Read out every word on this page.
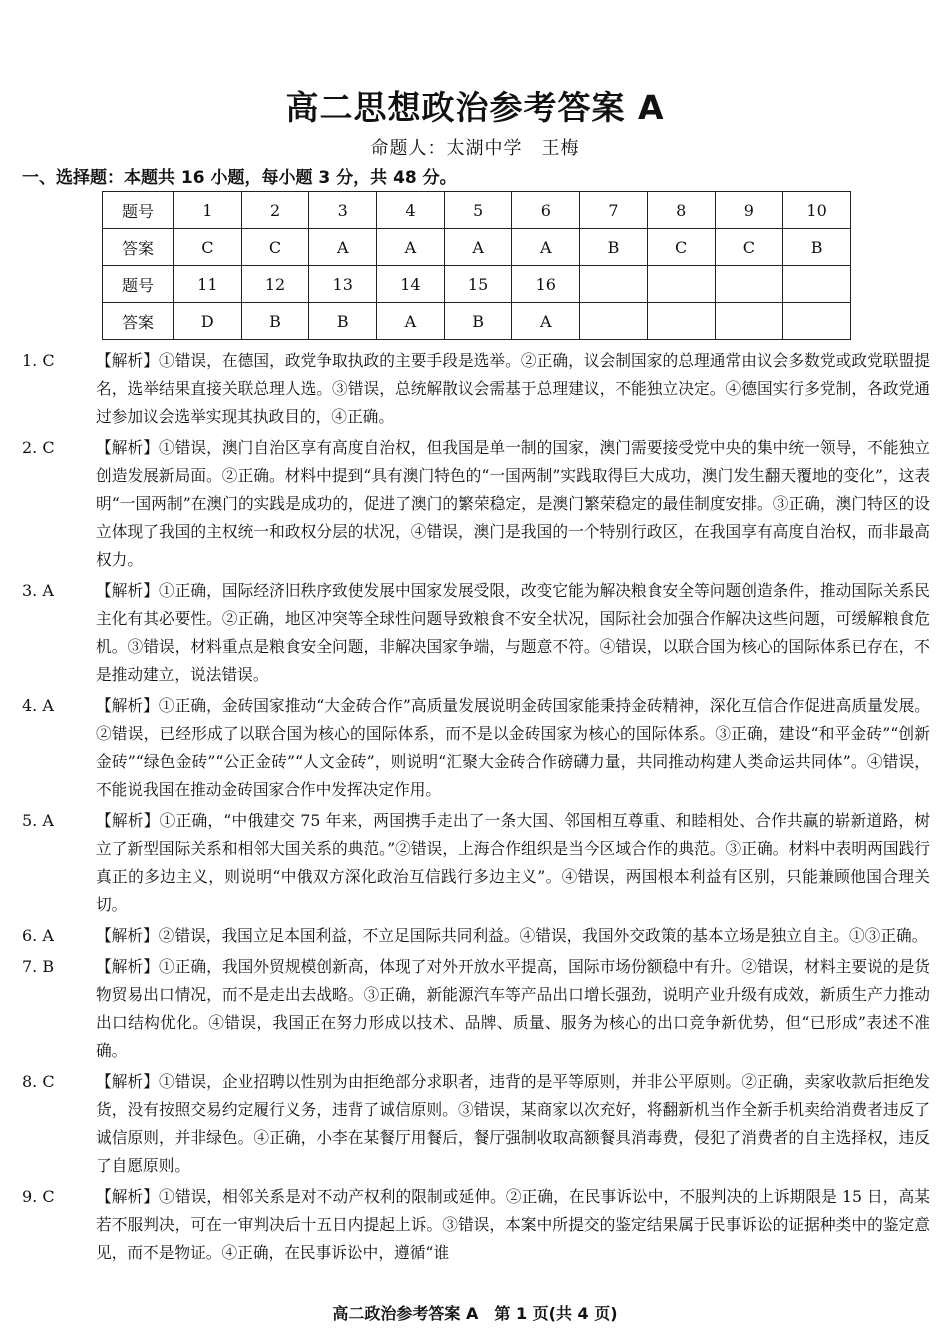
高二思想政治参考答案 A
命题人：太湖中学　王梅
一、选择题：本题共 16 小题，每小题 3 分，共 48 分。
题号	1	2	3	4	5	6	7	8	9	10
答案	C	C	A	A	A	A	B	C	C	B
题号	11	12	13	14	15	16				
答案	D	B	B	A	B	A				
1. C	【解析】①错误，在德国，政党争取执政的主要手段是选举。②正确，议会制国家的总理通常由议会多数党或政党联盟提名，选举结果直接关联总理人选。③错误，总统解散议会需基于总理建议，不能独立决定。④德国实行多党制，各政党通过参加议会选举实现其执政目的，④正确。
2. C	【解析】①错误，澳门自治区享有高度自治权，但我国是单一制的国家，澳门需要接受党中央的集中统一领导，不能独立创造发展新局面。②正确。材料中提到“具有澳门特色的“一国两制”实践取得巨大成功，澳门发生翻天覆地的变化”，这表明“一国两制”在澳门的实践是成功的，促进了澳门的繁荣稳定，是澳门繁荣稳定的最佳制度安排。③正确，澳门特区的设立体现了我国的主权统一和政权分层的状况，④错误，澳门是我国的一个特别行政区，在我国享有高度自治权，而非最高权力。
3. A	【解析】①正确，国际经济旧秩序致使发展中国家发展受限，改变它能为解决粮食安全等问题创造条件，推动国际关系民主化有其必要性。②正确，地区冲突等全球性问题导致粮食不安全状况，国际社会加强合作解决这些问题，可缓解粮食危机。③错误，材料重点是粮食安全问题，非解决国家争端，与题意不符。④错误，以联合国为核心的国际体系已存在，不是推动建立，说法错误。
4. A	【解析】①正确，金砖国家推动“大金砖合作”高质量发展说明金砖国家能秉持金砖精神，深化互信合作促进高质量发展。②错误，已经形成了以联合国为核心的国际体系，而不是以金砖国家为核心的国际体系。③正确，建设“和平金砖”“创新金砖”“绿色金砖”“公正金砖”“人文金砖”，则说明“汇聚大金砖合作磅礴力量，共同推动构建人类命运共同体”。④错误，不能说我国在推动金砖国家合作中发挥决定作用。
5. A	【解析】①正确，“中俄建交 75 年来，两国携手走出了一条大国、邻国相互尊重、和睦相处、合作共赢的崭新道路，树立了新型国际关系和相邻大国关系的典范。”②错误，上海合作组织是当今区域合作的典范。③正确。材料中表明两国践行真正的多边主义，则说明“中俄双方深化政治互信践行多边主义”。④错误，两国根本利益有区别，只能兼顾他国合理关切。
6. A	【解析】②错误，我国立足本国利益，不立足国际共同利益。④错误，我国外交政策的基本立场是独立自主。①③正确。
7. B	【解析】①正确，我国外贸规模创新高，体现了对外开放水平提高，国际市场份额稳中有升。②错误，材料主要说的是货物贸易出口情况，而不是走出去战略。③正确，新能源汽车等产品出口增长强劲，说明产业升级有成效，新质生产力推动出口结构优化。④错误，我国正在努力形成以技术、品牌、质量、服务为核心的出口竞争新优势，但“已形成”表述不准确。
8. C	【解析】①错误，企业招聘以性别为由拒绝部分求职者，违背的是平等原则，并非公平原则。②正确，卖家收款后拒绝发货，没有按照交易约定履行义务，违背了诚信原则。③错误，某商家以次充好，将翻新机当作全新手机卖给消费者违反了诚信原则，并非绿色。④正确，小李在某餐厅用餐后，餐厅强制收取高额餐具消毒费，侵犯了消费者的自主选择权，违反了自愿原则。
9. C	【解析】①错误，相邻关系是对不动产权利的限制或延伸。②正确，在民事诉讼中，不服判决的上诉期限是 15 日，高某若不服判决，可在一审判决后十五日内提起上诉。③错误，本案中所提交的鉴定结果属于民事诉讼的证据种类中的鉴定意见，而不是物证。④正确，在民事诉讼中，遵循“谁
高二政治参考答案 A　第 1 页(共 4 页)
